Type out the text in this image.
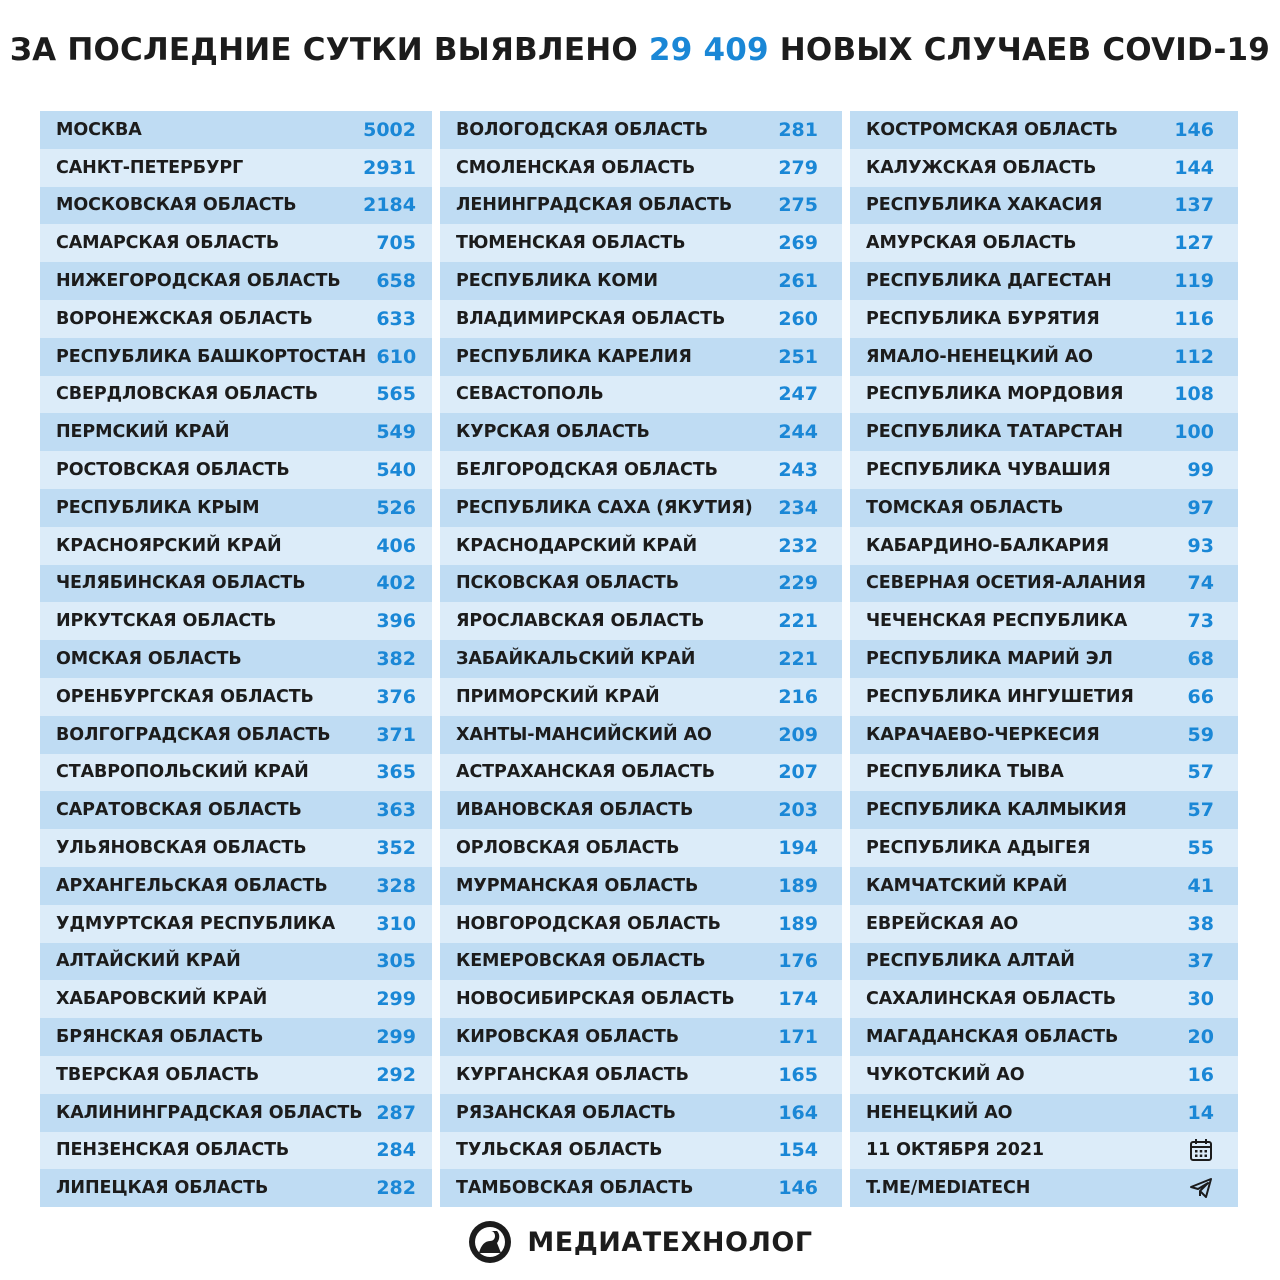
ЗА ПОСЛЕДНИЕ СУТКИ ВЫЯВЛЕНО 29 409 НОВЫХ СЛУЧАЕВ COVID-19
МОСКВА	5002
САНКТ-ПЕТЕРБУРГ	2931
МОСКОВСКАЯ ОБЛАСТЬ	2184
САМАРСКАЯ ОБЛАСТЬ	705
НИЖЕГОРОДСКАЯ ОБЛАСТЬ	658
ВОРОНЕЖСКАЯ ОБЛАСТЬ	633
РЕСПУБЛИКА БАШКОРТОСТАН 610
СВЕРДЛОВСКАЯ ОБЛАСТЬ	565
ПЕРМСКИЙ КРАЙ	549
РОСТОВСКАЯ ОБЛАСТЬ	540
РЕСПУБЛИКА КРЫМ	526
КРАСНОЯРСКИЙ КРАЙ	406
ЧЕЛЯБИНСКАЯ ОБЛАСТЬ	402
ИРКУТСКАЯ ОБЛАСТЬ	396
ОМСКАЯ ОБЛАСТЬ	382
ОРЕНБУРГСКАЯ ОБЛАСТЬ	376
ВОЛГОГРАДСКАЯ ОБЛАСТЬ	371
СТАВРОПОЛЬСКИЙ КРАЙ	365
САРАТОВСКАЯ ОБЛАСТЬ	363
УЛЬЯНОВСКАЯ ОБЛАСТЬ	352
АРХАНГЕЛЬСКАЯ ОБЛАСТЬ	328
УДМУРТСКАЯ РЕСПУБЛИКА	310
АЛТАЙСКИЙ КРАЙ	305
ХАБАРОВСКИЙ КРАЙ	299
БРЯНСКАЯ ОБЛАСТЬ	299
ТВЕРСКАЯ ОБЛАСТЬ	292
КАЛИНИНГРАДСКАЯ ОБЛАСТЬ 287
ПЕНЗЕНСКАЯ ОБЛАСТЬ	284
ЛИПЕЦКАЯ ОБЛАСТЬ	282
ВОЛОГОДСКАЯ ОБЛАСТЬ	281
СМОЛЕНСКАЯ ОБЛАСТЬ	279
ЛЕНИНГРАДСКАЯ ОБЛАСТЬ	275
ТЮМЕНСКАЯ ОБЛАСТЬ	269
РЕСПУБЛИКА КОМИ	261
ВЛАДИМИРСКАЯ ОБЛАСТЬ	260
РЕСПУБЛИКА КАРЕЛИЯ	251
СЕВАСТОПОЛЬ	247
КУРСКАЯ ОБЛАСТЬ	244
БЕЛГОРОДСКАЯ ОБЛАСТЬ	243
РЕСПУБЛИКА САХА (ЯКУТИЯ)	234
КРАСНОДАРСКИЙ КРАЙ	232
ПСКОВСКАЯ ОБЛАСТЬ	229
ЯРОСЛАВСКАЯ ОБЛАСТЬ	221
ЗАБАЙКАЛЬСКИЙ КРАЙ	221
ПРИМОРСКИЙ КРАЙ	216
ХАНТЫ-МАНСИЙСКИЙ АО	209
АСТРАХАНСКАЯ ОБЛАСТЬ	207
ИВАНОВСКАЯ ОБЛАСТЬ	203
ОРЛОВСКАЯ ОБЛАСТЬ	194
МУРМАНСКАЯ ОБЛАСТЬ	189
НОВГОРОДСКАЯ ОБЛАСТЬ	189
КЕМЕРОВСКАЯ ОБЛАСТЬ	176
НОВОСИБИРСКАЯ ОБЛАСТЬ	174
КИРОВСКАЯ ОБЛАСТЬ	171
КУРГАНСКАЯ ОБЛАСТЬ	165
РЯЗАНСКАЯ ОБЛАСТЬ	164
ТУЛЬСКАЯ ОБЛАСТЬ	154
ТАМБОВСКАЯ ОБЛАСТЬ	146
КОСТРОМСКАЯ ОБЛАСТЬ	146
КАЛУЖСКАЯ ОБЛАСТЬ	144
РЕСПУБЛИКА ХАКАСИЯ	137
АМУРСКАЯ ОБЛАСТЬ	127
РЕСПУБЛИКА ДАГЕСТАН	119
РЕСПУБЛИКА БУРЯТИЯ	116
ЯМАЛО-НЕНЕЦКИЙ АО	112
РЕСПУБЛИКА МОРДОВИЯ	108
РЕСПУБЛИКА ТАТАРСТАН	100
РЕСПУБЛИКА ЧУВАШИЯ	99
ТОМСКАЯ ОБЛАСТЬ	97
КАБАРДИНО-БАЛКАРИЯ	93
СЕВЕРНАЯ ОСЕТИЯ-АЛАНИЯ	74
ЧЕЧЕНСКАЯ РЕСПУБЛИКА	73
РЕСПУБЛИКА МАРИЙ ЭЛ	68
РЕСПУБЛИКА ИНГУШЕТИЯ	66
КАРАЧАЕВО-ЧЕРКЕСИЯ	59
РЕСПУБЛИКА ТЫВА	57
РЕСПУБЛИКА КАЛМЫКИЯ	57
РЕСПУБЛИКА АДЫГЕЯ	55
КАМЧАТСКИЙ КРАЙ	41
ЕВРЕЙСКАЯ АО	38
РЕСПУБЛИКА АЛТАЙ	37
САХАЛИНСКАЯ ОБЛАСТЬ	30
МАГАДАНСКАЯ ОБЛАСТЬ	20
ЧУКОТСКИЙ АО	16
НЕНЕЦКИЙ АО	14
11 ОКТЯБРЯ 2021
T.ME/MEDIATECH
МЕДИАТЕХНОЛОГ
